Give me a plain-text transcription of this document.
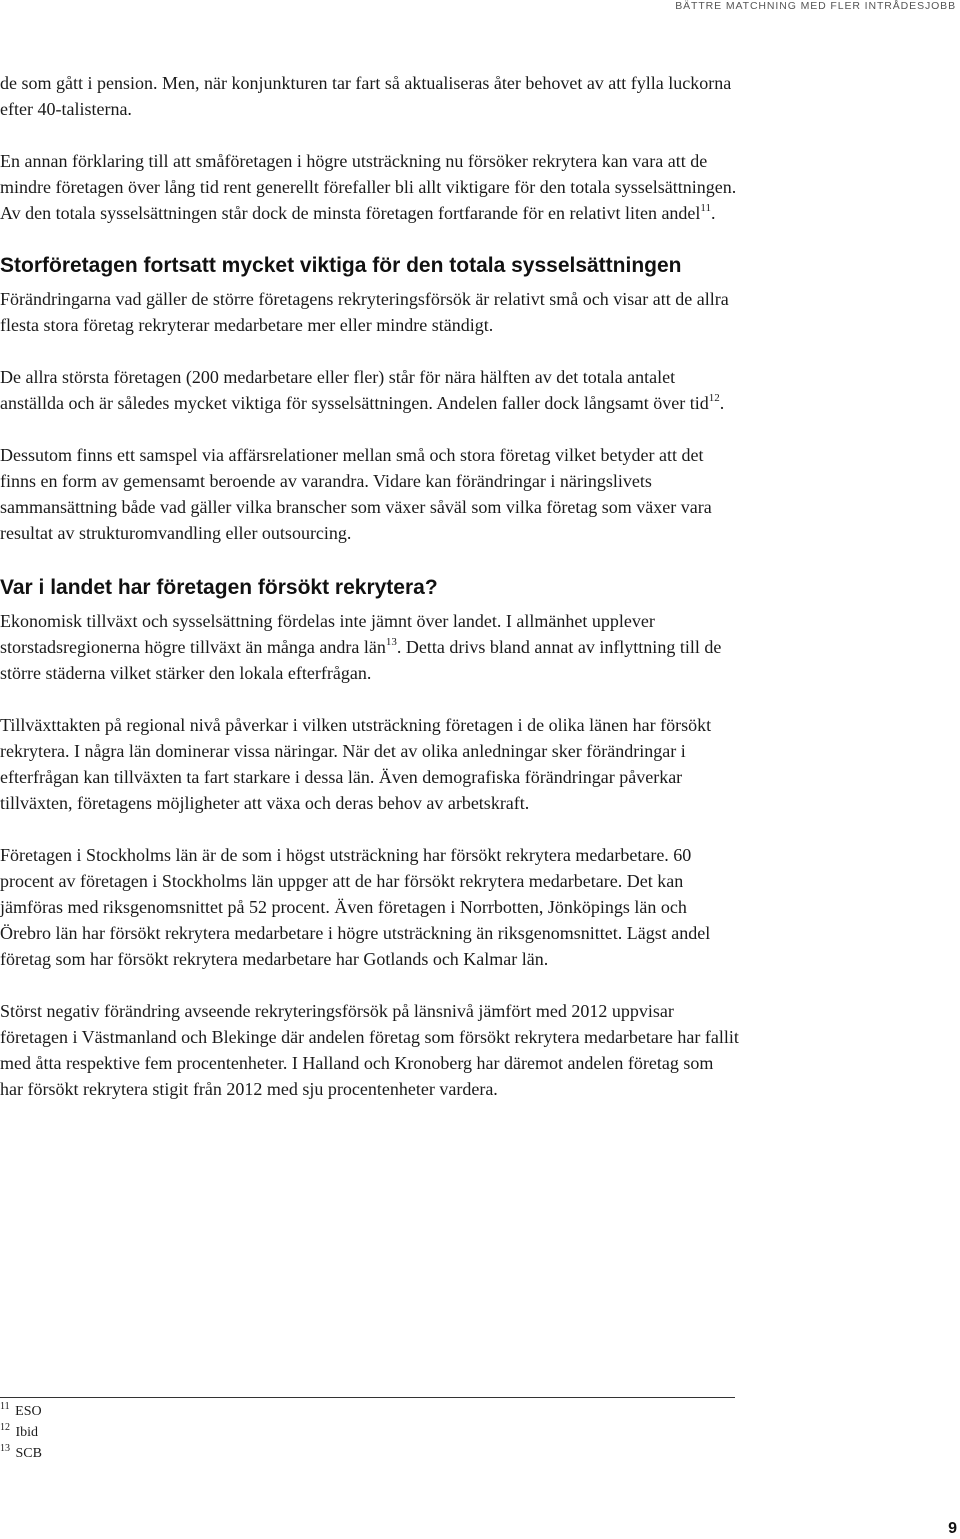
BÄTTRE MATCHNING MED FLER INTRÅDESJOBB

de som gått i pension. Men, när konjunkturen tar fart så aktualiseras åter behovet av att fylla luckorna efter 40-talisterna.

En annan förklaring till att småföretagen i högre utsträckning nu försöker rekrytera kan vara att de mindre företagen över lång tid rent generellt förefaller bli allt viktigare för den totala sysselsättningen. Av den totala sysselsättningen står dock de minsta företagen fortfarande för en relativt liten andel$^{11}$.

Storföretagen fortsatt mycket viktiga för den totala sysselsättningen

Förändringarna vad gäller de större företagens rekryteringsförsök är relativt små och visar att de allra flesta stora företag rekryterar medarbetare mer eller mindre ständigt.

De allra största företagen (200 medarbetare eller fler) står för nära hälften av det totala antalet anställda och är således mycket viktiga för sysselsättningen. Andelen faller dock långsamt över tid$^{12}$.

Dessutom finns ett samspel via affärsrelationer mellan små och stora företag vilket betyder att det finns en form av gemensamt beroende av varandra. Vidare kan förändringar i näringslivets sammansättning både vad gäller vilka branscher som växer såväl som vilka företag som växer vara resultat av strukturomvandling eller outsourcing.

Var i landet har företagen försökt rekrytera?

Ekonomisk tillväxt och sysselsättning fördelas inte jämnt över landet. I allmänhet upplever storstadsregionerna högre tillväxt än många andra län$^{13}$. Detta drivs bland annat av inflyttning till de större städerna vilket stärker den lokala efterfrågan.

Tillväxttakten på regional nivå påverkar i vilken utsträckning företagen i de olika länen har försökt rekrytera. I några län dominerar vissa näringar. När det av olika anledningar sker förändringar i efterfrågan kan tillväxten ta fart starkare i dessa län. Även demografiska förändringar påverkar tillväxten, företagens möjligheter att växa och deras behov av arbetskraft.

Företagen i Stockholms län är de som i högst utsträckning har försökt rekrytera medarbetare. 60 procent av företagen i Stockholms län uppger att de har försökt rekrytera medarbetare. Det kan jämföras med riksgenomsnittet på 52 procent. Även företagen i Norrbotten, Jönköpings län och Örebro län har försökt rekrytera medarbetare i högre utsträckning än riksgenomsnittet. Lägst andel företag som har försökt rekrytera medarbetare har Gotlands och Kalmar län.

Störst negativ förändring avseende rekryteringsförsök på länsnivå jämfört med 2012 uppvisar företagen i Västmanland och Blekinge där andelen företag som försökt rekrytera medarbetare har fallit med åtta respektive fem procentenheter. I Halland och Kronoberg har däremot andelen företag som har försökt rekrytera stigit från 2012 med sju procentenheter vardera.

$^{11}$ ESO
$^{12}$ Ibid
$^{13}$ SCB
9
